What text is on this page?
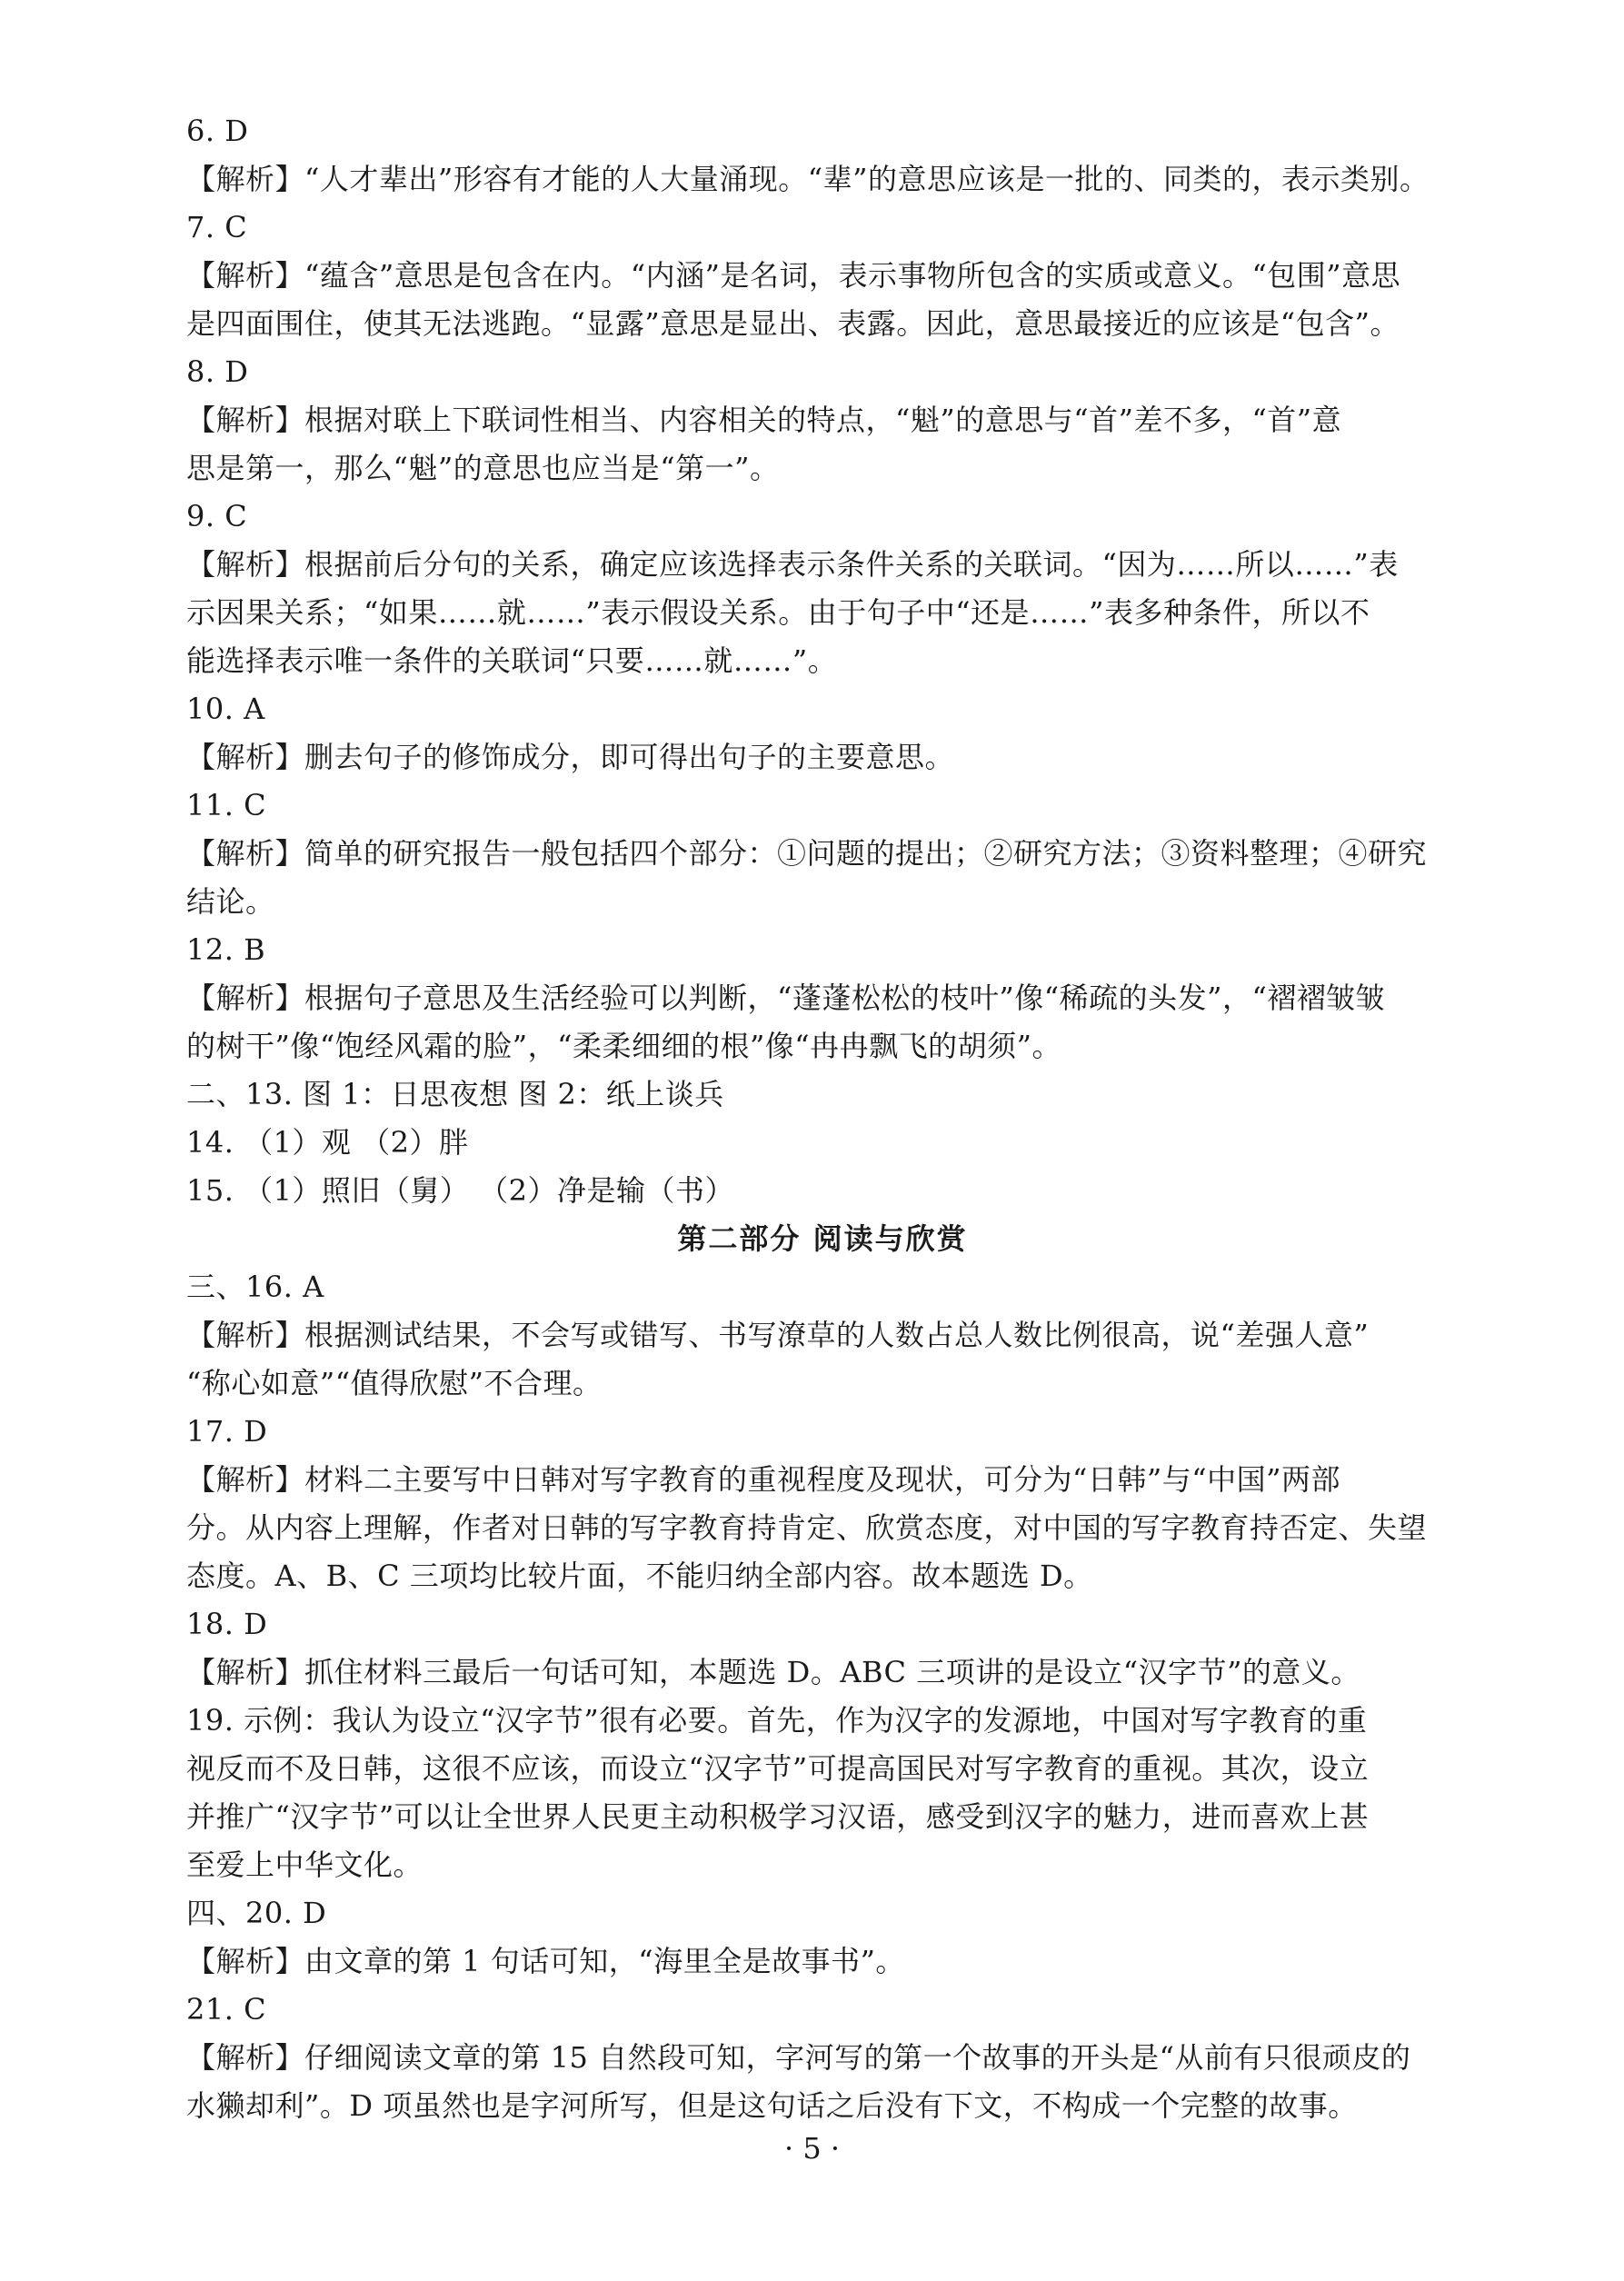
6. D
【解析】“人才辈出”形容有才能的人大量涌现。“辈”的意思应该是一批的、同类的，表示类别。
7. C
【解析】“蕴含”意思是包含在内。“内涵”是名词，表示事物所包含的实质或意义。“包围”意思
是四面围住，使其无法逃跑。“显露”意思是显出、表露。因此，意思最接近的应该是“包含”。
8. D
【解析】根据对联上下联词性相当、内容相关的特点，“魁”的意思与“首”差不多，“首”意
思是第一，那么“魁”的意思也应当是“第一”。
9. C
【解析】根据前后分句的关系，确定应该选择表示条件关系的关联词。“因为……所以……”表
示因果关系；“如果……就……”表示假设关系。由于句子中“还是……”表多种条件，所以不
能选择表示唯一条件的关联词“只要……就……”。
10. A
【解析】删去句子的修饰成分，即可得出句子的主要意思。
11. C
【解析】简单的研究报告一般包括四个部分：①问题的提出；②研究方法；③资料整理；④研究
结论。
12. B
【解析】根据句子意思及生活经验可以判断，“蓬蓬松松的枝叶”像“稀疏的头发”，“褶褶皱皱
的树干”像“饱经风霜的脸”，“柔柔细细的根”像“冉冉飘飞的胡须”。
二、13. 图 1：日思夜想 图 2：纸上谈兵
14. （1）观 （2）胖
15. （1）照旧（舅） （2）净是输（书）
第二部分 阅读与欣赏
三、16. A
【解析】根据测试结果，不会写或错写、书写潦草的人数占总人数比例很高，说“差强人意”
“称心如意”“值得欣慰”不合理。
17. D
【解析】材料二主要写中日韩对写字教育的重视程度及现状，可分为“日韩”与“中国”两部
分。从内容上理解，作者对日韩的写字教育持肯定、欣赏态度，对中国的写字教育持否定、失望
态度。A、B、C 三项均比较片面，不能归纳全部内容。故本题选 D。
18. D
【解析】抓住材料三最后一句话可知，本题选 D。ABC 三项讲的是设立“汉字节”的意义。
19. 示例：我认为设立“汉字节”很有必要。首先，作为汉字的发源地，中国对写字教育的重
视反而不及日韩，这很不应该，而设立“汉字节”可提高国民对写字教育的重视。其次，设立
并推广“汉字节”可以让全世界人民更主动积极学习汉语，感受到汉字的魅力，进而喜欢上甚
至爱上中华文化。
四、20. D
【解析】由文章的第 1 句话可知，“海里全是故事书”。
21. C
【解析】仔细阅读文章的第 15 自然段可知，字河写的第一个故事的开头是“从前有只很顽皮的
水獭却利”。D 项虽然也是字河所写，但是这句话之后没有下文，不构成一个完整的故事。
· 5 ·
